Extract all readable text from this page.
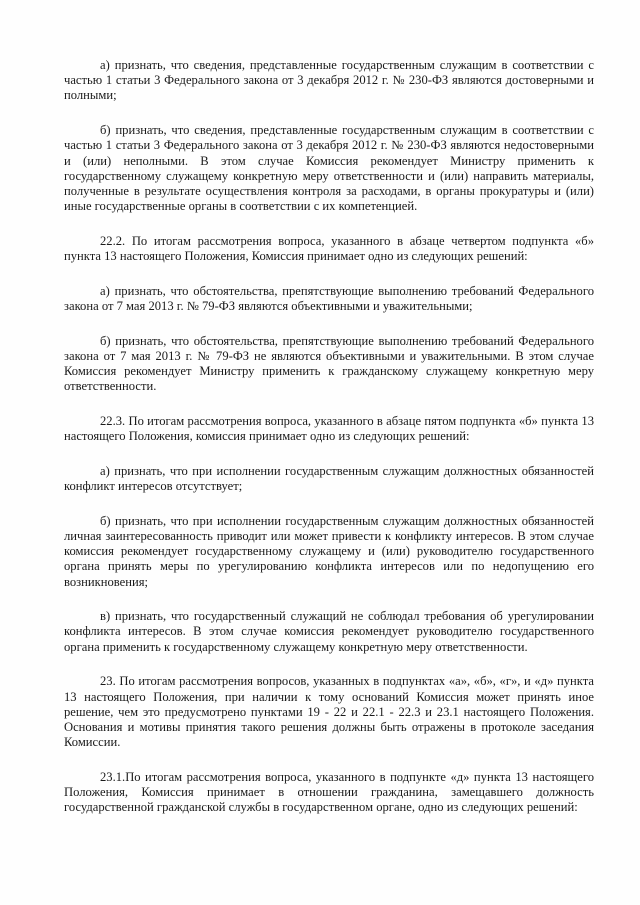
а) признать, что сведения, представленные государственным служащим в соответствии с частью 1 статьи 3 Федерального закона от 3 декабря 2012 г. № 230-ФЗ являются достоверными и полными;

б) признать, что сведения, представленные государственным служащим в соответствии с частью 1 статьи 3 Федерального закона от 3 декабря 2012 г. № 230-ФЗ являются недостоверными и (или) неполными. В этом случае Комиссия рекомендует Министру применить к государственному служащему конкретную меру ответственности и (или) направить материалы, полученные в результате осуществления контроля за расходами, в органы прокуратуры и (или) иные государственные органы в соответствии с их компетенцией.

22.2. По итогам рассмотрения вопроса, указанного в абзаце четвертом подпункта «б» пункта 13 настоящего Положения, Комиссия принимает одно из следующих решений:

а) признать, что обстоятельства, препятствующие выполнению требований Федерального закона от 7 мая 2013 г. № 79-ФЗ являются объективными и уважительными;

б) признать, что обстоятельства, препятствующие выполнению требований Федерального закона от 7 мая 2013 г. № 79-ФЗ не являются объективными и уважительными. В этом случае Комиссия рекомендует Министру применить к гражданскому служащему конкретную меру ответственности.

22.3. По итогам рассмотрения вопроса, указанного в абзаце пятом подпункта «б» пункта 13 настоящего Положения, комиссия принимает одно из следующих решений:

а) признать, что при исполнении государственным служащим должностных обязанностей конфликт интересов отсутствует;

б) признать, что при исполнении государственным служащим должностных обязанностей личная заинтересованность приводит или может привести к конфликту интересов. В этом случае комиссия рекомендует государственному служащему и (или) руководителю государственного органа принять меры по урегулированию конфликта интересов или по недопущению его возникновения;

в) признать, что государственный служащий не соблюдал требования об урегулировании конфликта интересов. В этом случае комиссия рекомендует руководителю государственного органа применить к государственному служащему конкретную меру ответственности.

23. По итогам рассмотрения вопросов, указанных в подпунктах «а», «б», «г», и «д» пункта 13 настоящего Положения, при наличии к тому оснований Комиссия может принять иное решение, чем это предусмотрено пунктами 19 - 22 и 22.1 - 22.3 и 23.1 настоящего Положения. Основания и мотивы принятия такого решения должны быть отражены в протоколе заседания Комиссии.

23.1.По итогам рассмотрения вопроса, указанного в подпункте «д» пункта 13 настоящего Положения, Комиссия принимает в отношении гражданина, замещавшего должность государственной гражданской службы в государственном органе, одно из следующих решений:
